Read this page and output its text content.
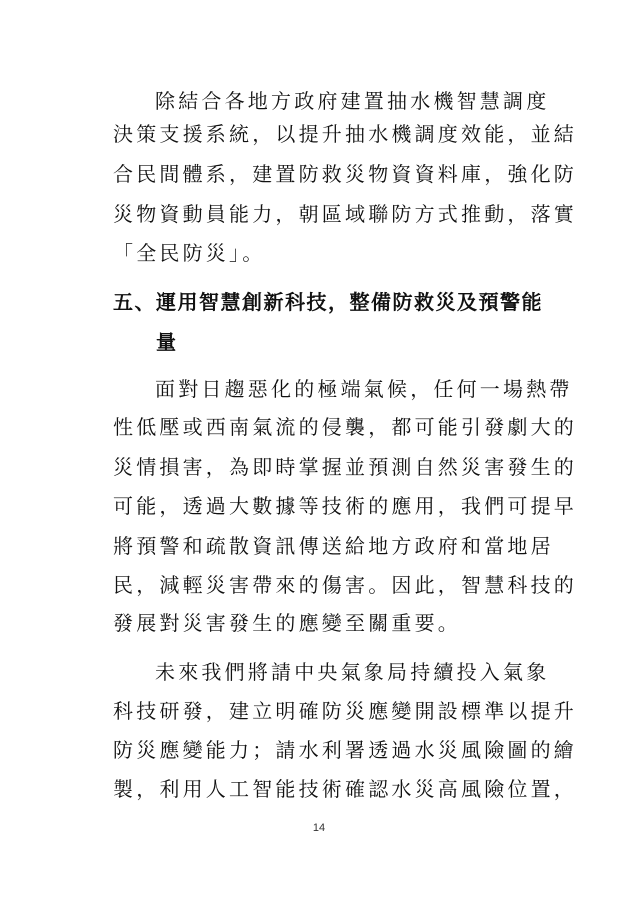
除結合各地方政府建置抽水機智慧調度
決策支援系統，以提升抽水機調度效能，並結
合民間體系，建置防救災物資資料庫，強化防
災物資動員能力，朝區域聯防方式推動，落實
「全民防災」。
五、運用智慧創新科技，整備防救災及預警能
量
面對日趨惡化的極端氣候，任何一場熱帶
性低壓或西南氣流的侵襲，都可能引發劇大的
災情損害，為即時掌握並預測自然災害發生的
可能，透過大數據等技術的應用，我們可提早
將預警和疏散資訊傳送給地方政府和當地居
民，減輕災害帶來的傷害。因此，智慧科技的
發展對災害發生的應變至關重要。
未來我們將請中央氣象局持續投入氣象
科技研發，建立明確防災應變開設標準以提升
防災應變能力；請水利署透過水災風險圖的繪
製，利用人工智能技術確認水災高風險位置，
14
